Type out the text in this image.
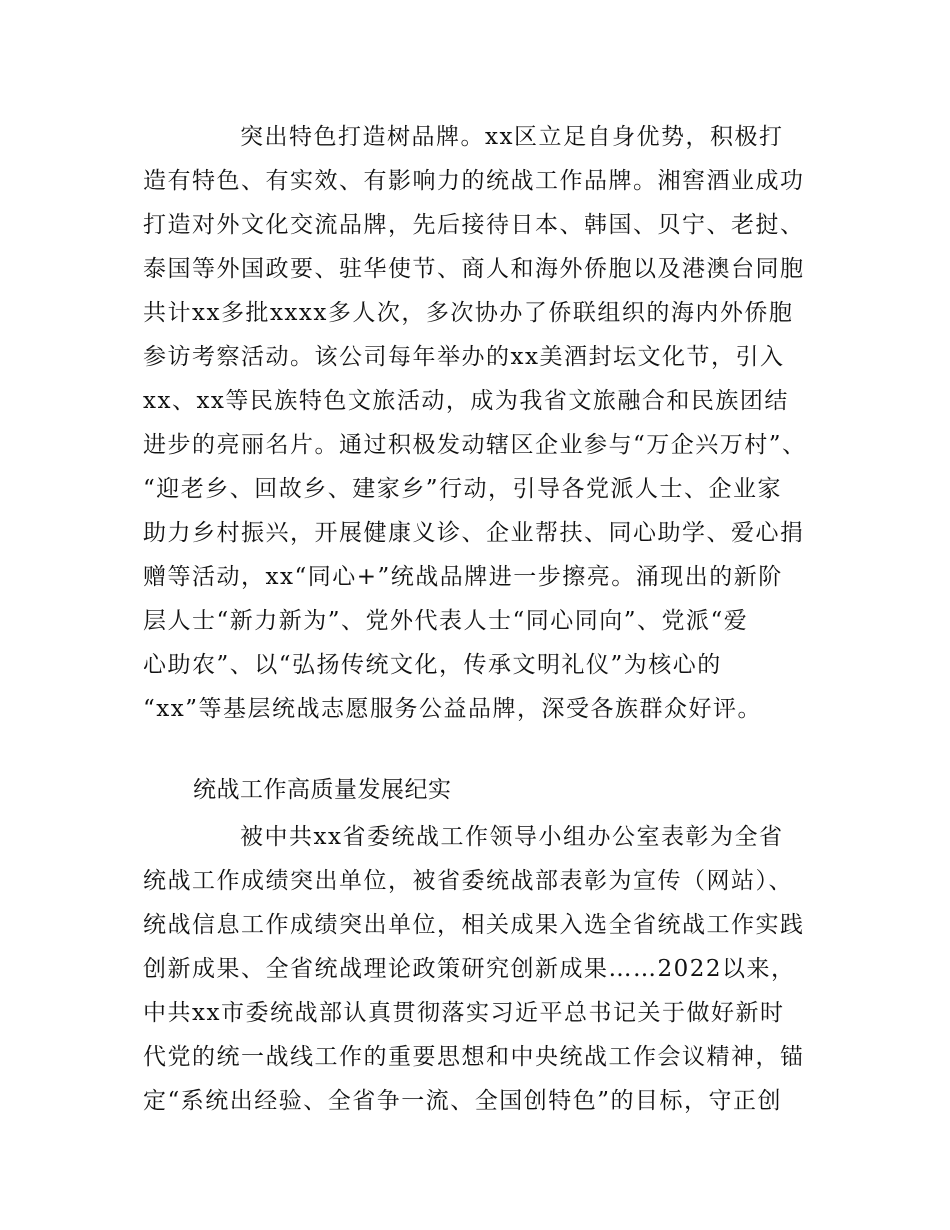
突出特色打造树品牌。xx区立足自身优势，积极打
造有特色、有实效、有影响力的统战工作品牌。湘窖酒业成功
打造对外文化交流品牌，先后接待日本、韩国、贝宁、老挝、
泰国等外国政要、驻华使节、商人和海外侨胞以及港澳台同胞
共计xx多批xxxx多人次，多次协办了侨联组织的海内外侨胞
参访考察活动。该公司每年举办的xx美酒封坛文化节，引入
xx、xx等民族特色文旅活动，成为我省文旅融合和民族团结
进步的亮丽名片。通过积极发动辖区企业参与“万企兴万村”、
“迎老乡、回故乡、建家乡”行动，引导各党派人士、企业家
助力乡村振兴，开展健康义诊、企业帮扶、同心助学、爱心捐
赠等活动，xx“同心+”统战品牌进一步擦亮。涌现出的新阶
层人士“新力新为”、党外代表人士“同心同向”、党派“爱
心助农”、以“弘扬传统文化，传承文明礼仪”为核心的
“xx”等基层统战志愿服务公益品牌，深受各族群众好评。
统战工作高质量发展纪实
被中共xx省委统战工作领导小组办公室表彰为全省
统战工作成绩突出单位，被省委统战部表彰为宣传（网站）、
统战信息工作成绩突出单位，相关成果入选全省统战工作实践
创新成果、全省统战理论政策研究创新成果……2022以来，
中共xx市委统战部认真贯彻落实习近平总书记关于做好新时
代党的统一战线工作的重要思想和中央统战工作会议精神，锚
定“系统出经验、全省争一流、全国创特色”的目标，守正创
